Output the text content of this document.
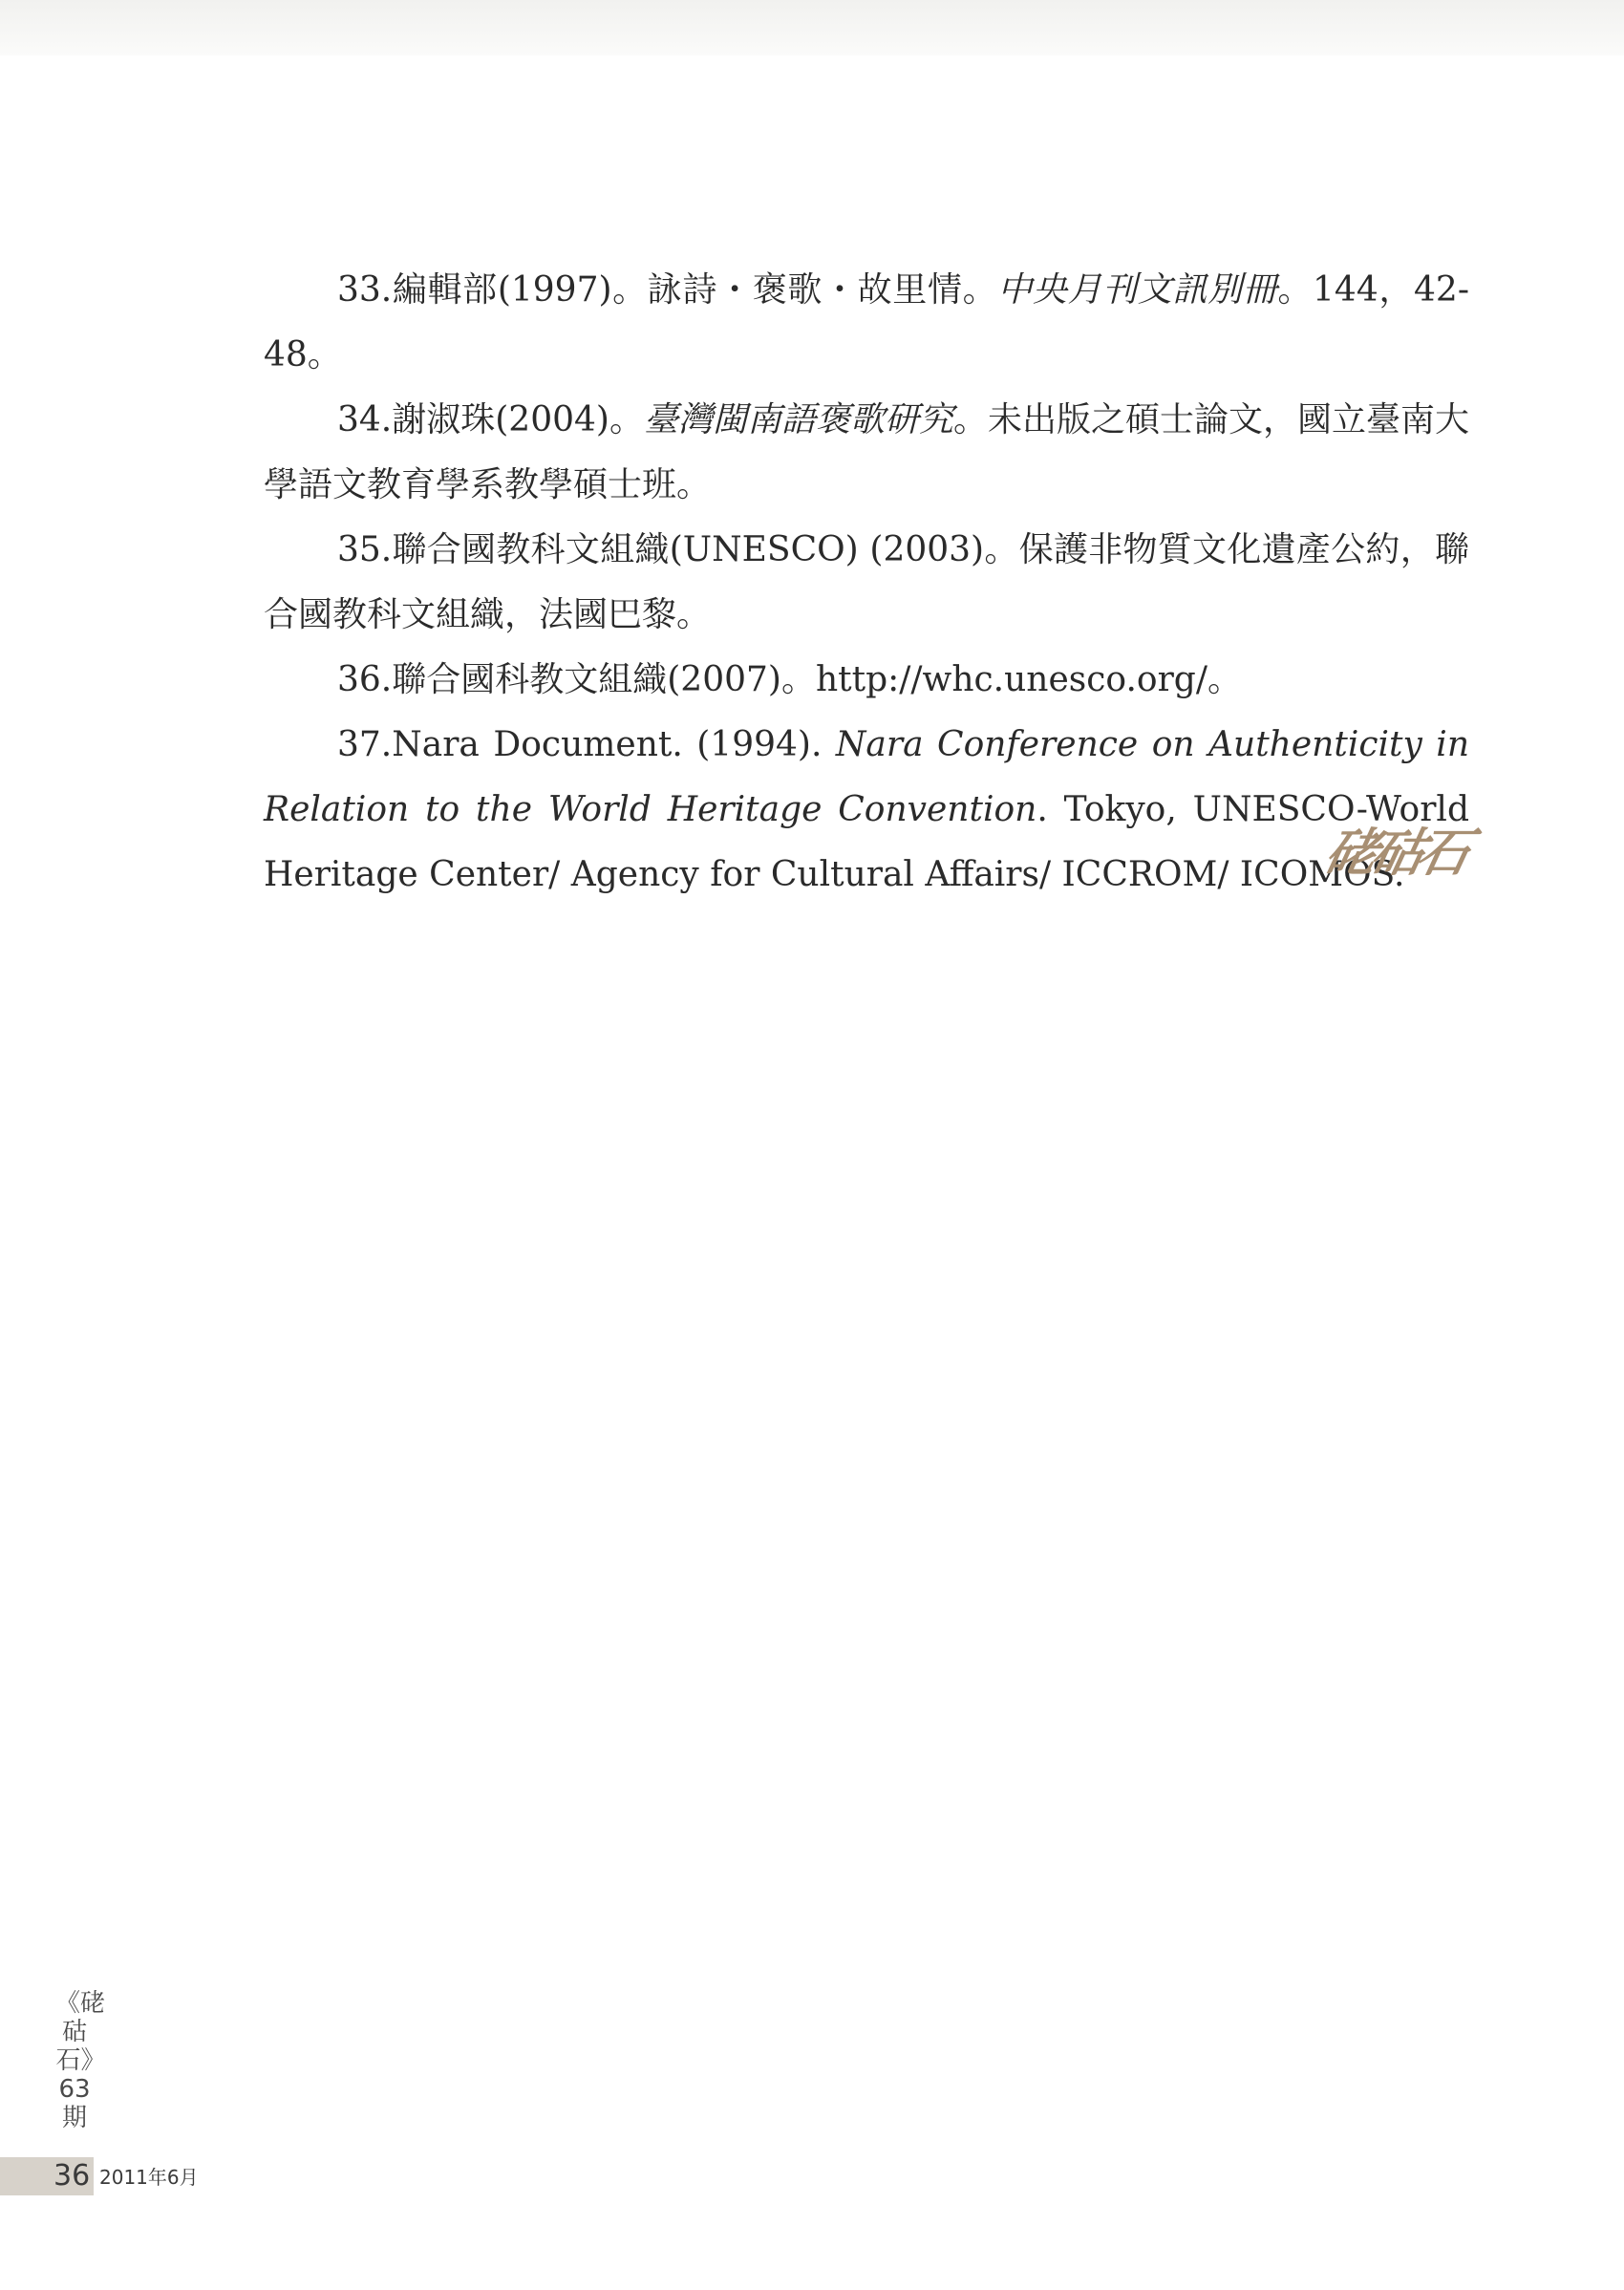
33.編輯部(1997)。詠詩・褒歌・故里情。中央月刊文訊別冊。144，42-48。

34.謝淑珠(2004)。臺灣閩南語褒歌研究。未出版之碩士論文，國立臺南大學語文教育學系教學碩士班。

35.聯合國教科文組織(UNESCO) (2003)。保護非物質文化遺產公約，聯合國教科文組織，法國巴黎。

36.聯合國科教文組織(2007)。http://whc.unesco.org/。

37.Nara Document. (1994). Nara Conference on Authenticity in Relation to the World Heritage Convention. Tokyo, UNESCO-World Heritage Center/ Agency for Cultural Affairs/ ICCROM/ ICOMOS.

硓𥑮石
《硓𥑮石》63期
36 2011年6月
